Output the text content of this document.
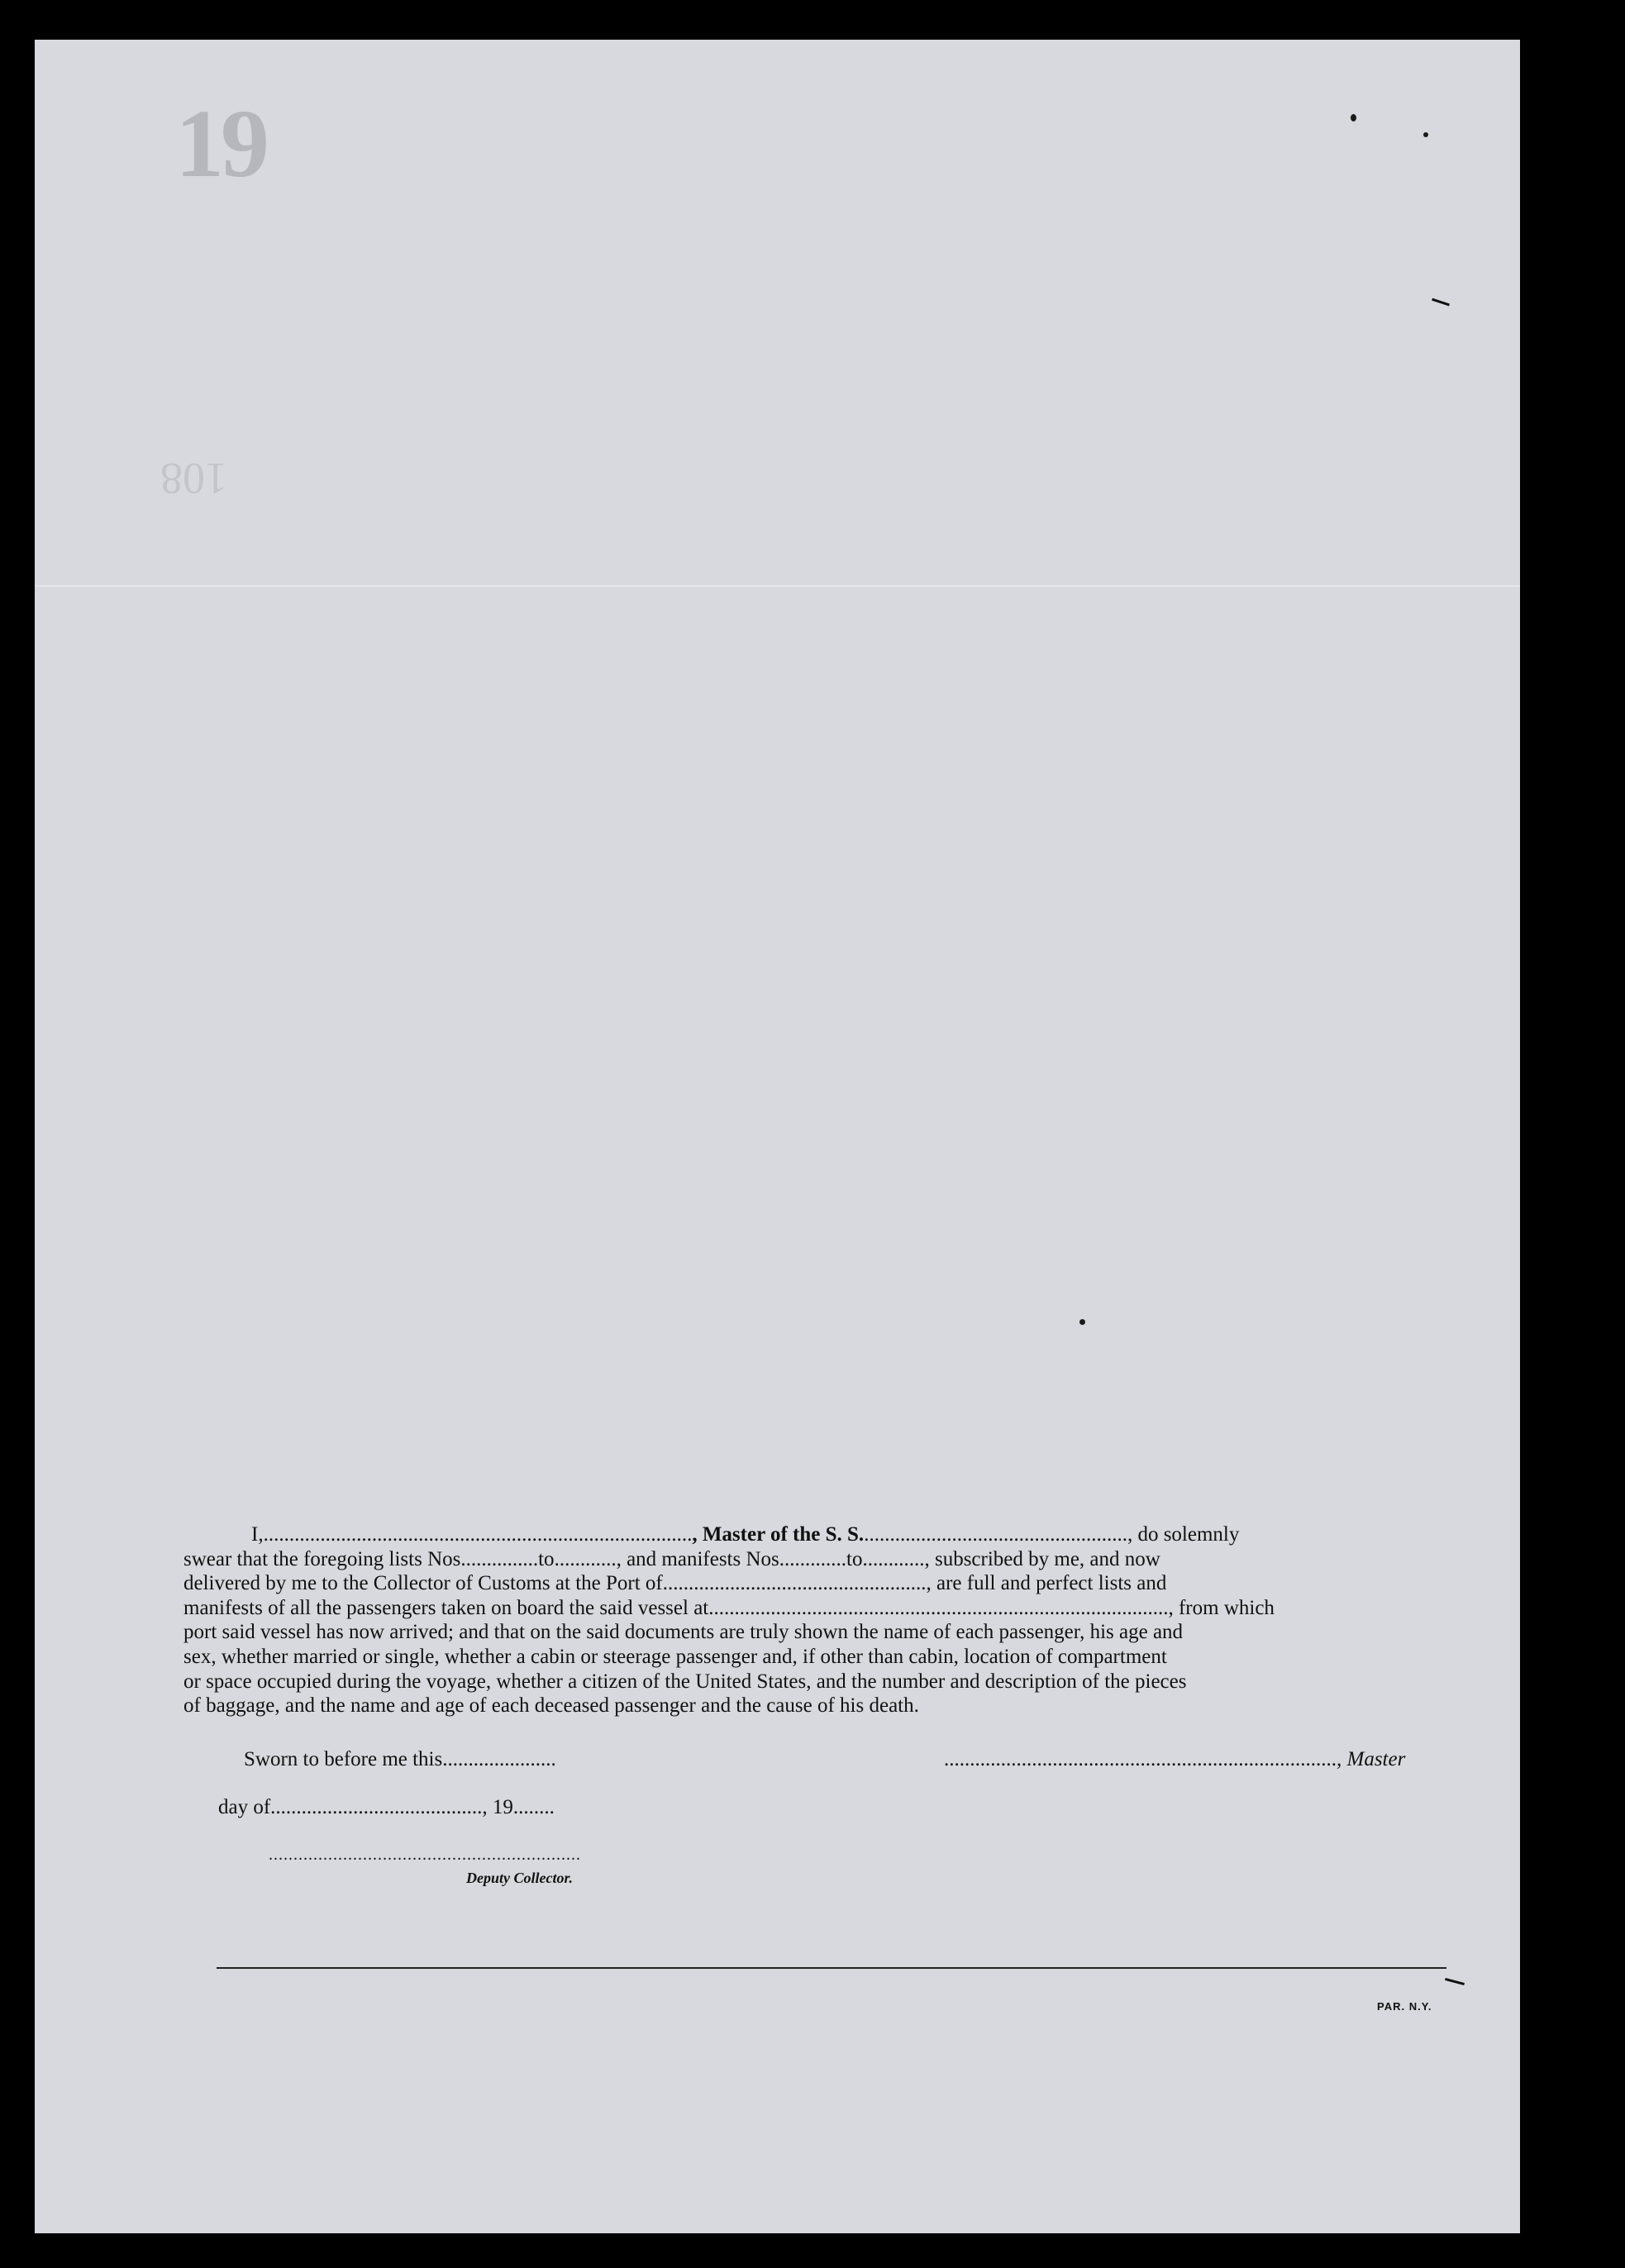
19
108
I,..................................................................................., Master of the S. S...................................................., do solemnly
swear that the foregoing lists Nos...............to............, and manifests Nos.............to............, subscribed by me, and now
delivered by me to the Collector of Customs at the Port of..................................................., are full and perfect lists and
manifests of all the passengers taken on board the said vessel at........................................................................................., from which
port said vessel has now arrived; and that on the said documents are truly shown the name of each passenger, his age and
sex, whether married or single, whether a cabin or steerage passenger and, if other than cabin, location of compartment
or space occupied during the voyage, whether a citizen of the United States, and the number and description of the pieces
of baggage, and the name and age of each deceased passenger and the cause of his death.
Sworn to before me this......................	............................................................................, Master
day of........................................., 19........
...............................................................
Deputy Collector.
PAR. N.Y.
